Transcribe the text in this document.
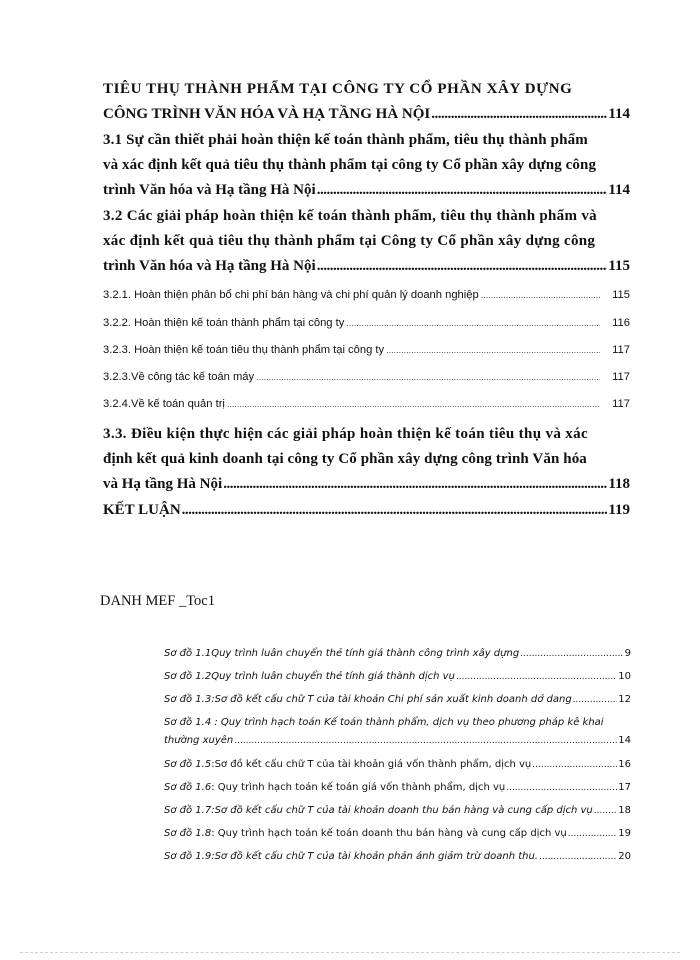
TIÊU THỤ THÀNH PHẨM TẠI CÔNG TY CỔ PHẦN XÂY DỰNG
CÔNG TRÌNH VĂN HÓA VÀ HẠ TẦNG HÀ NỘI .....	114
3.1 Sự cần thiết phải hoàn thiện kế toán thành phẩm, tiêu thụ thành phẩm
và xác định kết quả tiêu thụ thành phẩm tại công ty Cổ phần xây dựng công
trình Văn hóa và Hạ tầng Hà Nội .....	114
3.2 Các giải pháp hoàn thiện kế toán thành phẩm, tiêu thụ thành phẩm và
xác định kết quả tiêu thụ thành phẩm tại Công ty Cổ phần xây dựng công
trình Văn hóa và Hạ tầng Hà Nội .....	115
3.2.1. Hoàn thiện phân bổ chi phí bán hàng và chi phí quản lý doanh nghiệp .....	115
3.2.2. Hoàn thiện kế toán thành phẩm tại công ty .....	116
3.2.3. Hoàn thiện kế toán tiêu thụ thành phẩm tại công ty .....	117
3.2.3.Về công tác kế toán máy .....	117
3.2.4.Về kế toán quản trị .....	117
3.3. Điều kiện thực hiện các giải pháp hoàn thiện kế toán tiêu thụ và xác
định kết quả kinh doanh tại công ty Cổ phần xây dựng công trình Văn hóa
và Hạ tầng Hà Nội .....	118
KẾT LUẬN .....	119
DANH MEF _Toc1
Sơ đồ 1.1 Quy trình luân chuyển thẻ tính giá thành công trình xây dựng .....	9
Sơ đồ 1.2 Quy trình luân chuyển thẻ tính giá thành dịch vụ .....	10
Sơ đồ 1.3 :Sơ đồ kết cấu chữ T của tài khoản Chi phí sản xuất kinh doanh dở dang .....	12
Sơ đồ 1.4 : Quy trình hạch toán Kế toán thành phẩm, dịch vụ theo phương pháp kê khai
thường xuyên .....	14
Sơ đồ 1.5 :Sơ đồ kết cấu chữ T của tài khoản giá vốn thành phẩm, dịch vụ .....	16
Sơ đồ 1.6 : Quy trình hạch toán kế toán giá vốn thành phẩm, dịch vụ .....	17
Sơ đồ 1.7 :Sơ đồ kết cấu chữ T của tài khoản doanh thu bán hàng và cung cấp dịch vụ .....	18
Sơ đồ 1.8 : Quy trình hạch toán kế toán doanh thu bán hàng và cung cấp dịch vụ .....	19
Sơ đồ 1.9 :Sơ đồ kết cấu chữ T của tài khoản phản ánh giảm trừ doanh thu. .....	20
